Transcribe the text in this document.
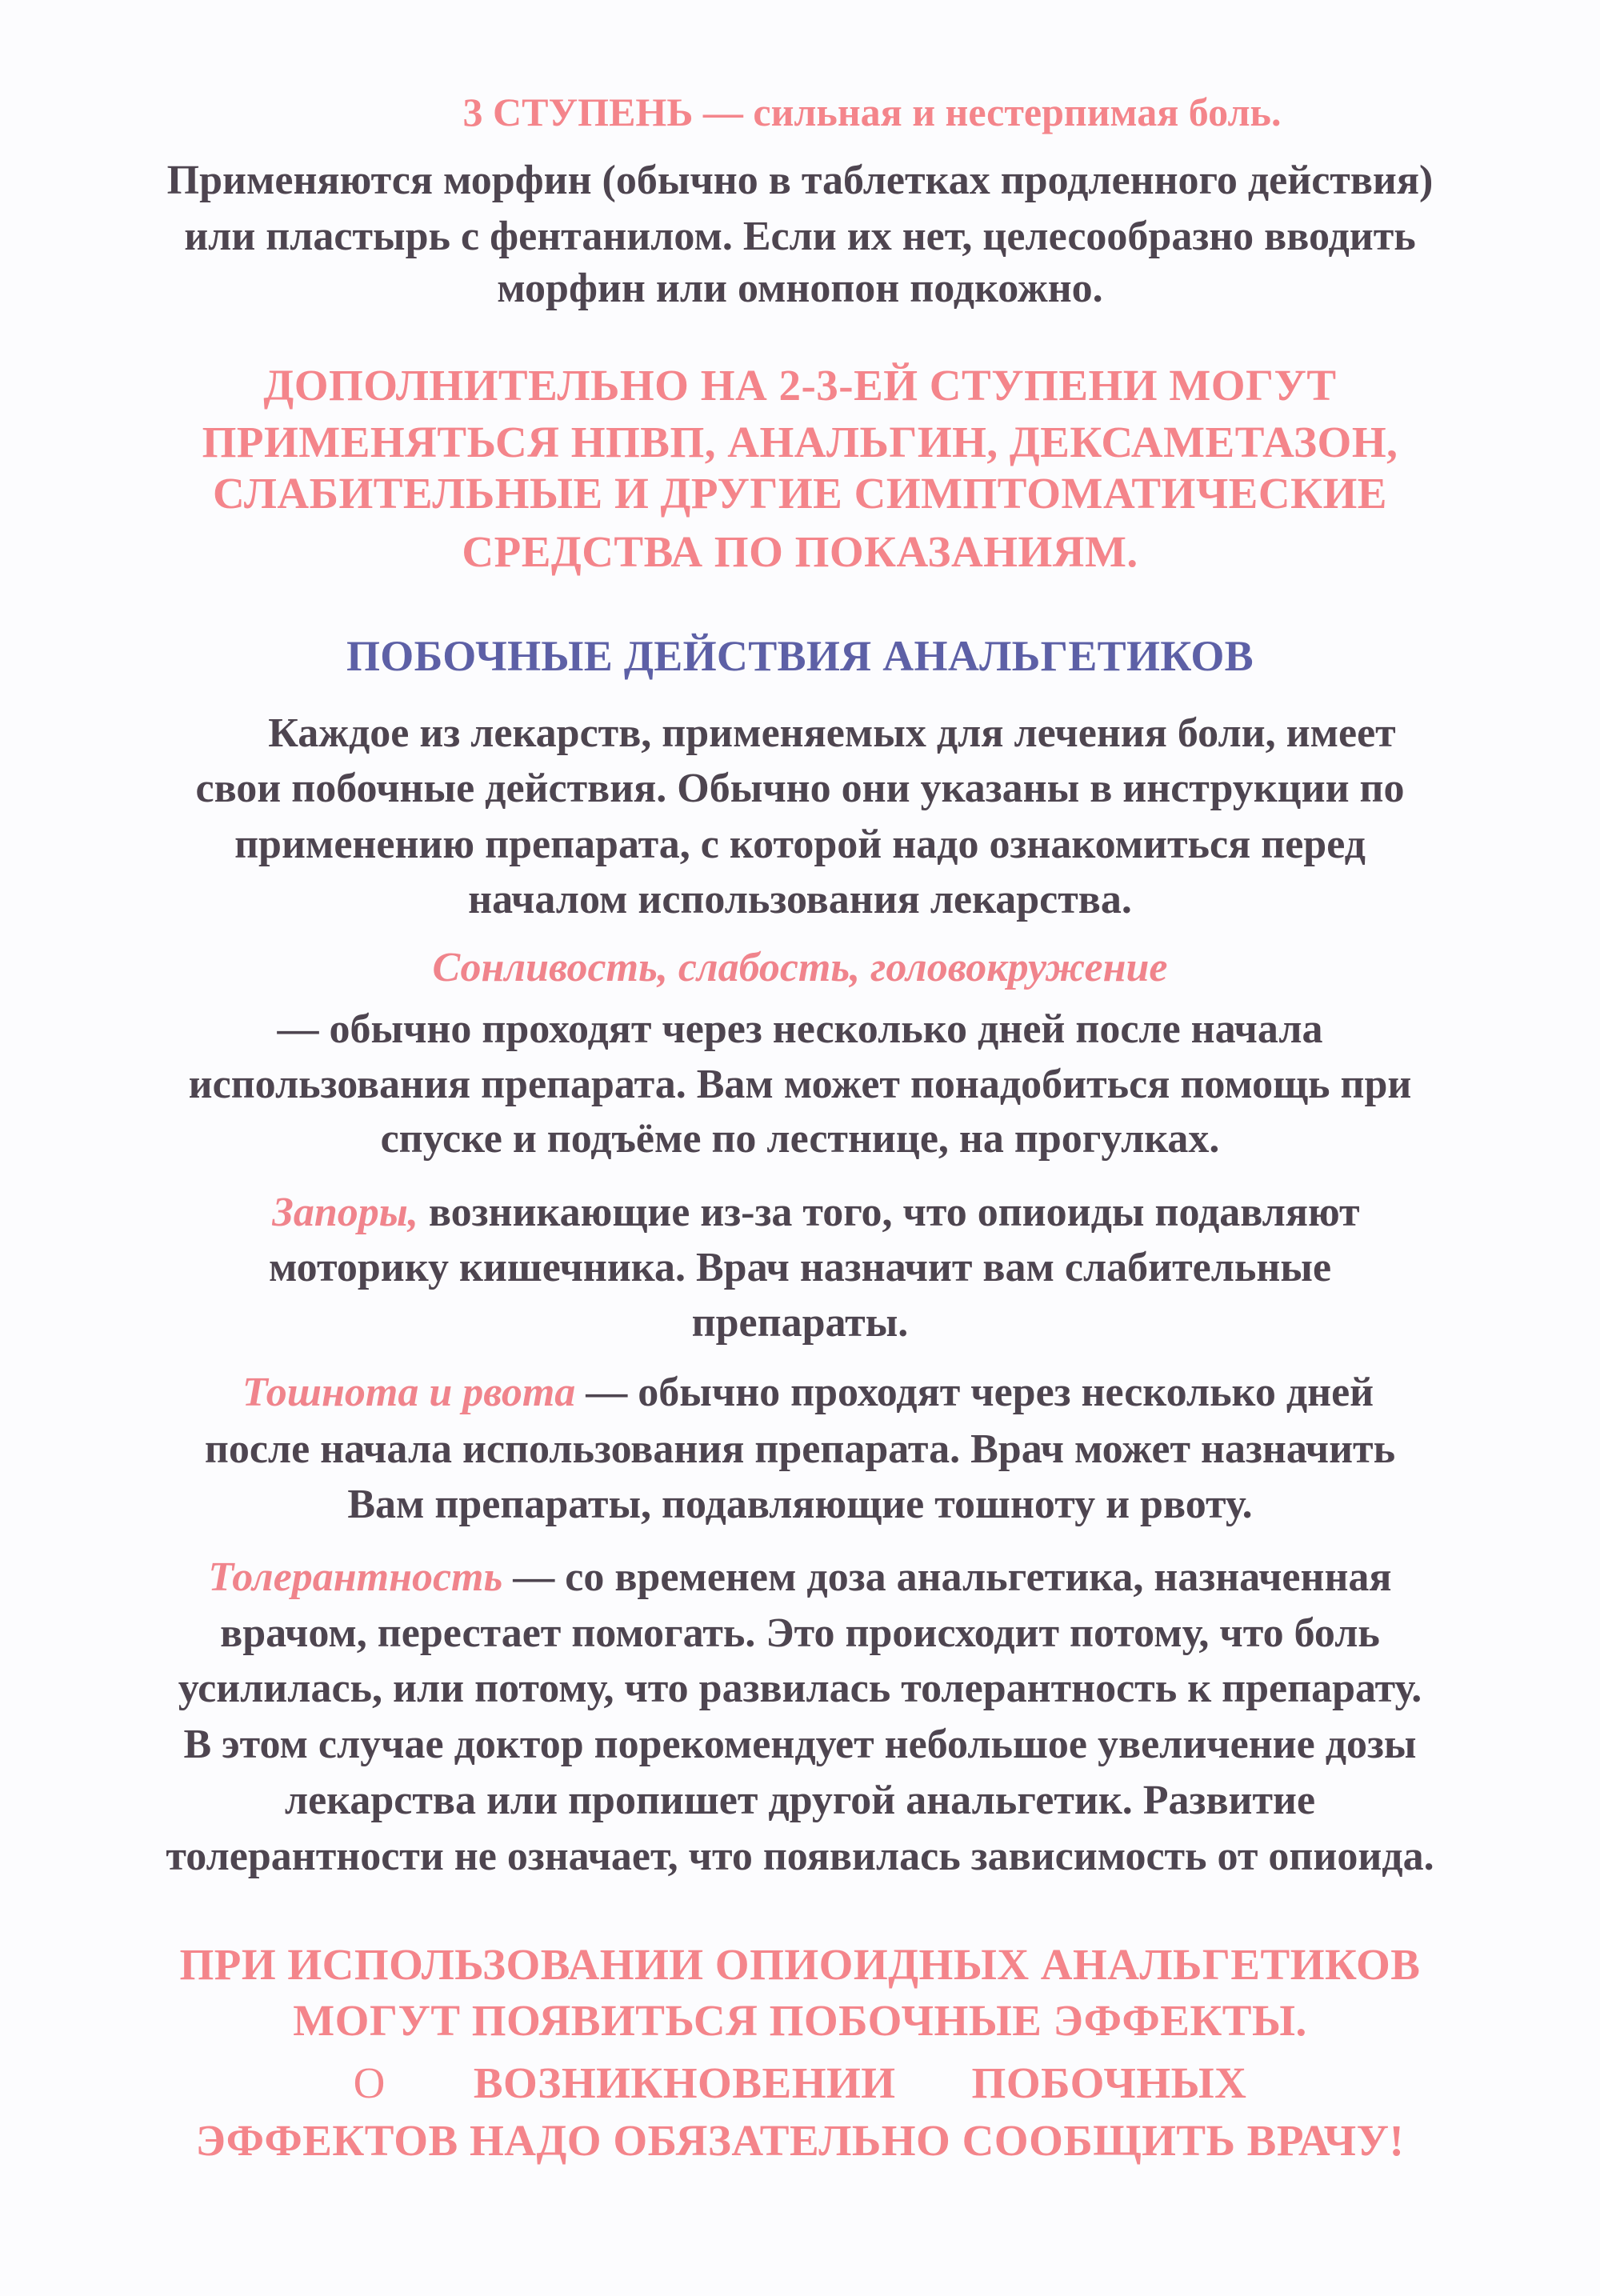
3 СТУПЕНЬ — сильная и нестерпимая боль.
Применяются морфин (обычно в таблетках продленного действия)
или пластырь с фентанилом. Если их нет, целесообразно вводить
морфин или омнопон подкожно.
ДОПОЛНИТЕЛЬНО НА 2-3-ЕЙ СТУПЕНИ МОГУТ
ПРИМЕНЯТЬСЯ НПВП, АНАЛЬГИН, ДЕКСАМЕТАЗОН,
СЛАБИТЕЛЬНЫЕ И ДРУГИЕ СИМПТОМАТИЧЕСКИЕ
СРЕДСТВА ПО ПОКАЗАНИЯМ.
ПОБОЧНЫЕ ДЕЙСТВИЯ АНАЛЬГЕТИКОВ
Каждое из лекарств, применяемых для лечения боли, имеет
свои побочные действия. Обычно они указаны в инструкции по
применению препарата, с которой надо ознакомиться перед
началом использования лекарства.
Сонливость, слабость, головокружение
— обычно проходят через несколько дней после начала
использования препарата. Вам может понадобиться помощь при
спуске и подъёме по лестнице, на прогулках.
Запоры, возникающие из-за того, что опиоиды подавляют
моторику кишечника. Врач назначит вам слабительные
препараты.
Тошнота и рвота — обычно проходят через несколько дней
после начала использования препарата. Врач может назначить
Вам препараты, подавляющие тошноту и рвоту.
Толерантность — со временем доза анальгетика, назначенная
врачом, перестает помогать. Это происходит потому, что боль
усилилась, или потому, что развилась толерантность к препарату.
В этом случае доктор порекомендует небольшое увеличение дозы
лекарства или пропишет другой анальгетик. Развитие
толерантности не означает, что появилась зависимость от опиоида.
ПРИ ИСПОЛЬЗОВАНИИ ОПИОИДНЫХ АНАЛЬГЕТИКОВ
МОГУТ ПОЯВИТЬСЯ ПОБОЧНЫЕ ЭФФЕКТЫ.
О ВОЗНИКНОВЕНИИ ПОБОЧНЫХ
ЭФФЕКТОВ НАДО ОБЯЗАТЕЛЬНО СООБЩИТЬ ВРАЧУ!
